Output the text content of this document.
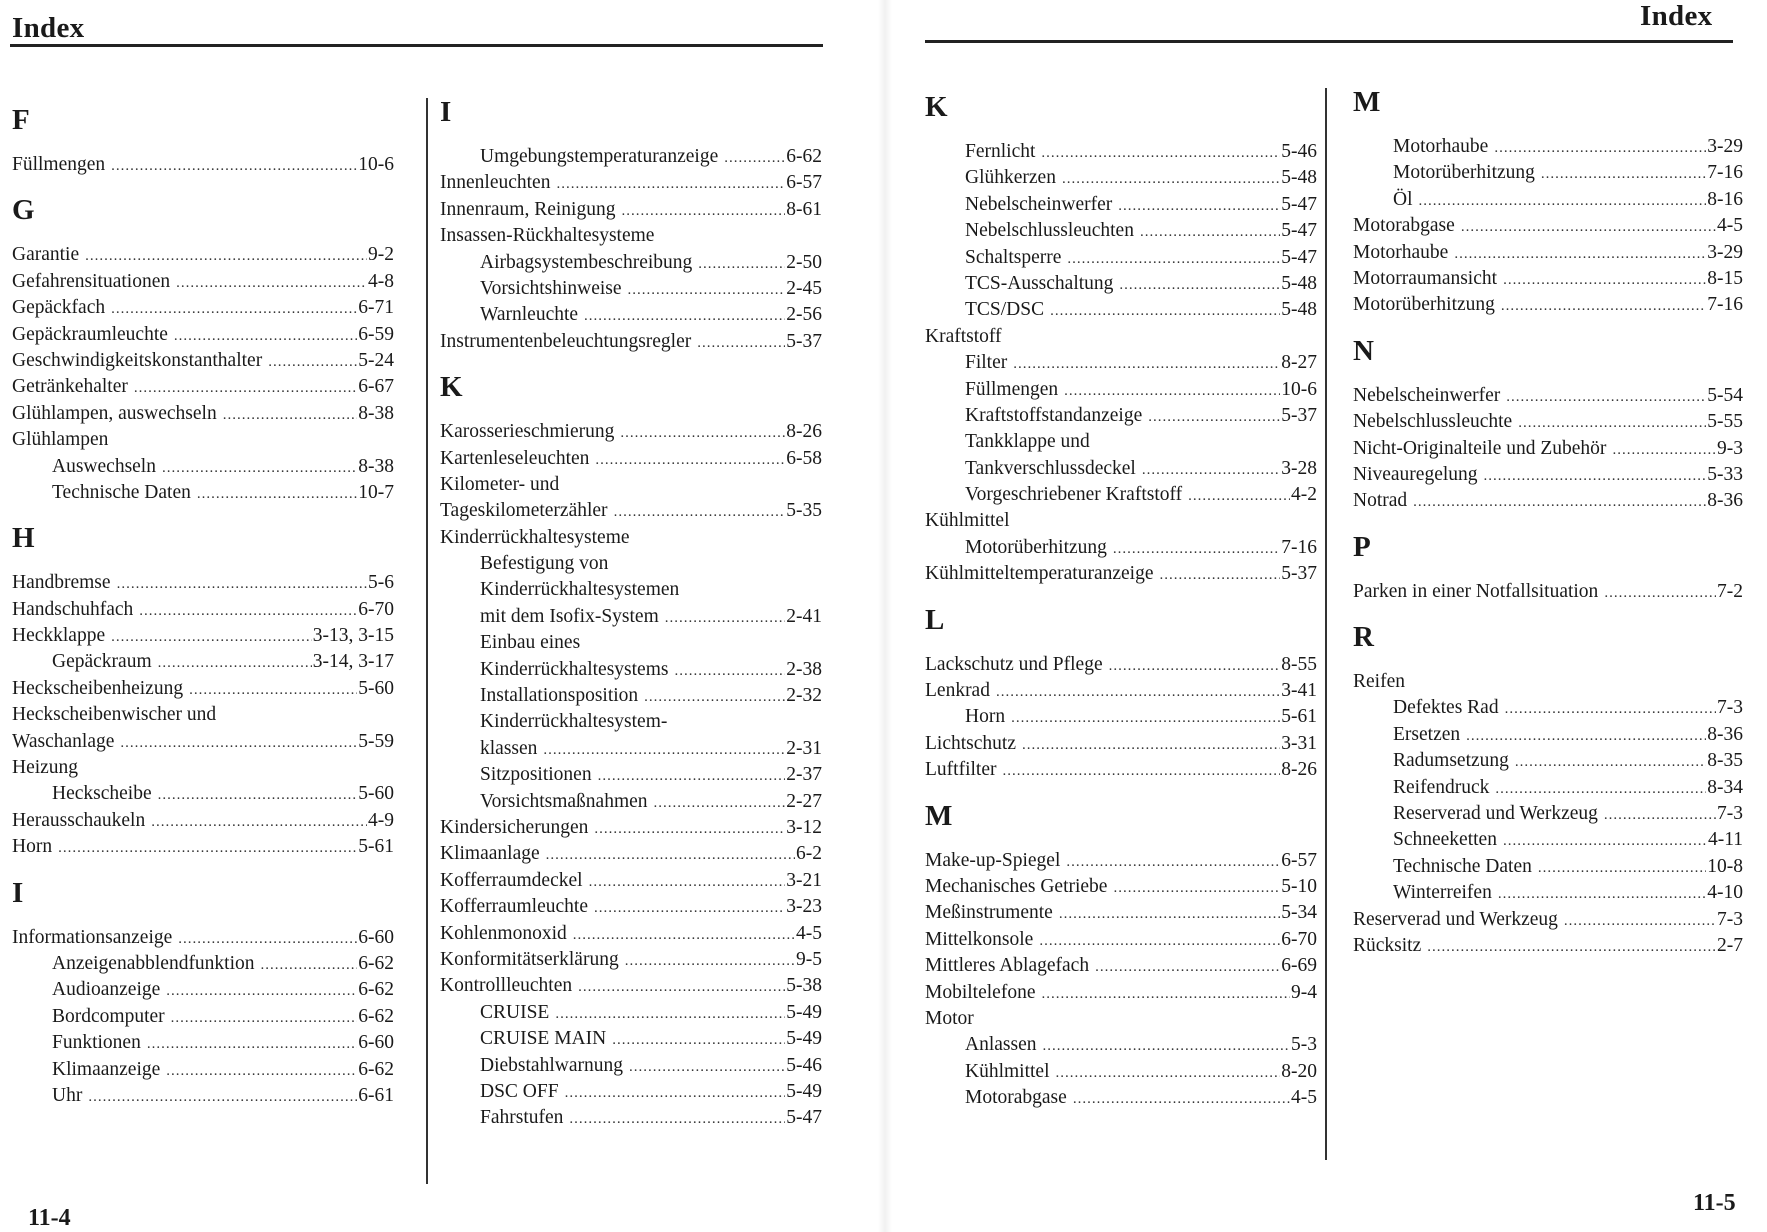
Index
F
Füllmengen .....	10-6
G
Garantie .....	9-2
Gefahrensituationen .....	4-8
Gepäckfach .....	6-71
Gepäckraumleuchte .....	6-59
Geschwindigkeitskonstanthalter .....	5-24
Getränkehalter .....	6-67
Glühlampen, auswechseln .....	8-38
Glühlampen
Auswechseln .....	8-38
Technische Daten .....	10-7
H
Handbremse .....	5-6
Handschuhfach .....	6-70
Heckklappe .....	3-13, 3-15
Gepäckraum .....	3-14, 3-17
Heckscheibenheizung .....	5-60
Heckscheibenwischer und
Waschanlage .....	5-59
Heizung
Heckscheibe .....	5-60
Herausschaukeln .....	4-9
Horn .....	5-61
I
Informationsanzeige .....	6-60
Anzeigenabblendfunktion .....	6-62
Audioanzeige .....	6-62
Bordcomputer .....	6-62
Funktionen .....	6-60
Klimaanzeige .....	6-62
Uhr .....	6-61
I
Umgebungstemperaturanzeige .....	6-62
Innenleuchten .....	6-57
Innenraum, Reinigung .....	8-61
Insassen-Rückhaltesysteme
Airbagsystembeschreibung .....	2-50
Vorsichtshinweise .....	2-45
Warnleuchte .....	2-56
Instrumentenbeleuchtungsregler .....	5-37
K
Karosserieschmierung .....	8-26
Kartenleseleuchten .....	6-58
Kilometer- und
Tageskilometerzähler .....	5-35
Kinderrückhaltesysteme
Befestigung von
Kinderrückhaltesystemen
mit dem Isofix-System .....	2-41
Einbau eines
Kinderrückhaltesystems .....	2-38
Installationsposition .....	2-32
Kinderrückhaltesystem-
klassen .....	2-31
Sitzpositionen .....	2-37
Vorsichtsmaßnahmen .....	2-27
Kindersicherungen .....	3-12
Klimaanlage .....	6-2
Kofferraumdeckel .....	3-21
Kofferraumleuchte .....	3-23
Kohlenmonoxid .....	4-5
Konformitätserklärung .....	9-5
Kontrollleuchten .....	5-38
CRUISE .....	5-49
CRUISE MAIN .....	5-49
Diebstahlwarnung .....	5-46
DSC OFF .....	5-49
Fahrstufen .....	5-47
11-4
Index
K
Fernlicht .....	5-46
Glühkerzen .....	5-48
Nebelscheinwerfer .....	5-47
Nebelschlussleuchten .....	5-47
Schaltsperre .....	5-47
TCS-Ausschaltung .....	5-48
TCS/DSC .....	5-48
Kraftstoff
Filter .....	8-27
Füllmengen .....	10-6
Kraftstoffstandanzeige .....	5-37
Tankklappe und
Tankverschlussdeckel .....	3-28
Vorgeschriebener Kraftstoff .....	4-2
Kühlmittel
Motorüberhitzung .....	7-16
Kühlmitteltemperaturanzeige .....	5-37
L
Lackschutz und Pflege .....	8-55
Lenkrad .....	3-41
Horn .....	5-61
Lichtschutz .....	3-31
Luftfilter .....	8-26
M
Make-up-Spiegel .....	6-57
Mechanisches Getriebe .....	5-10
Meßinstrumente .....	5-34
Mittelkonsole .....	6-70
Mittleres Ablagefach .....	6-69
Mobiltelefone .....	9-4
Motor
Anlassen .....	5-3
Kühlmittel .....	8-20
Motorabgase .....	4-5
M
Motorhaube .....	3-29
Motorüberhitzung .....	7-16
Öl .....	8-16
Motorabgase .....	4-5
Motorhaube .....	3-29
Motorraumansicht .....	8-15
Motorüberhitzung .....	7-16
N
Nebelscheinwerfer .....	5-54
Nebelschlussleuchte .....	5-55
Nicht-Originalteile und Zubehör .....	9-3
Niveauregelung .....	5-33
Notrad .....	8-36
P
Parken in einer Notfallsituation .....	7-2
R
Reifen
Defektes Rad .....	7-3
Ersetzen .....	8-36
Radumsetzung .....	8-35
Reifendruck .....	8-34
Reserverad und Werkzeug .....	7-3
Schneeketten .....	4-11
Technische Daten .....	10-8
Winterreifen .....	4-10
Reserverad und Werkzeug .....	7-3
Rücksitz .....	2-7
11-5
